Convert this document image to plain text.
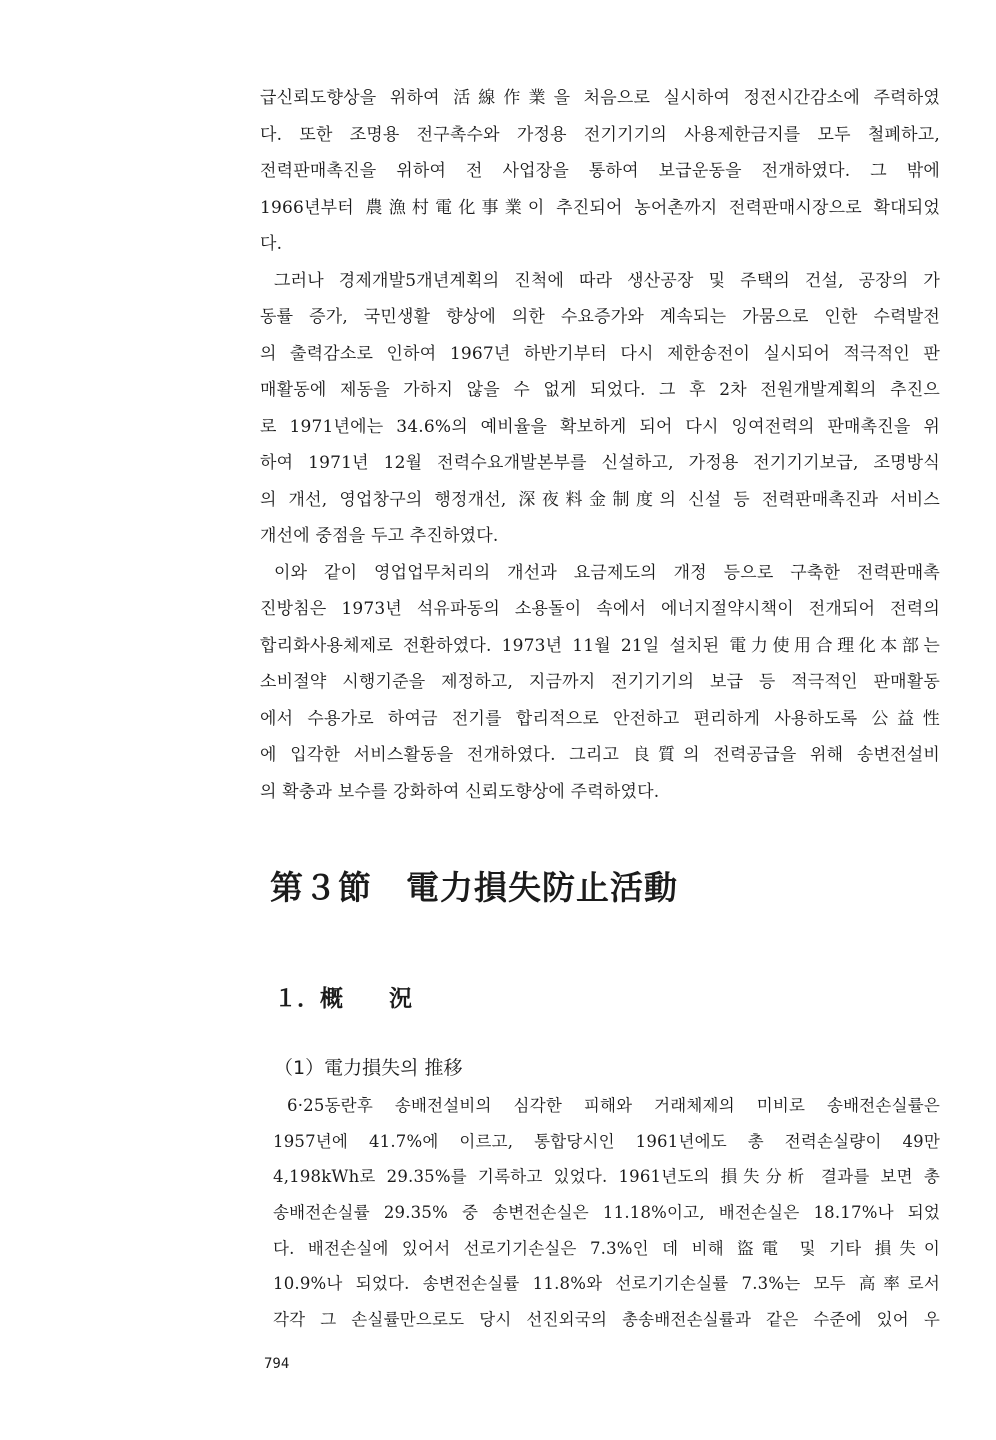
급신뢰도향상을 위하여 活線作業을 처음으로 실시하여 정전시간감소에 주력하였
다. 또한 조명용 전구촉수와 가정용 전기기기의 사용제한금지를 모두 철폐하고,
전력판매촉진을 위하여 전 사업장을 통하여 보급운동을 전개하였다. 그 밖에
1966년부터 農漁村電化事業이 추진되어 농어촌까지 전력판매시장으로 확대되었
다.
그러나 경제개발5개년계획의 진척에 따라 생산공장 및 주택의 건설, 공장의 가
동률 증가, 국민생활 향상에 의한 수요증가와 계속되는 가뭄으로 인한 수력발전
의 출력감소로 인하여 1967년 하반기부터 다시 제한송전이 실시되어 적극적인 판
매활동에 제동을 가하지 않을 수 없게 되었다. 그 후 2차 전원개발계획의 추진으
로 1971년에는 34.6%의 예비율을 확보하게 되어 다시 잉여전력의 판매촉진을 위
하여 1971년 12월 전력수요개발본부를 신설하고, 가정용 전기기기보급, 조명방식
의 개선, 영업창구의 행정개선, 深夜料金制度의 신설 등 전력판매촉진과 서비스
개선에 중점을 두고 추진하였다.
이와 같이 영업업무처리의 개선과 요금제도의 개정 등으로 구축한 전력판매촉
진방침은 1973년 석유파동의 소용돌이 속에서 에너지절약시책이 전개되어 전력의
합리화사용체제로 전환하였다. 1973년 11월 21일 설치된 電力使用合理化本部는
소비절약 시행기준을 제정하고, 지금까지 전기기기의 보급 등 적극적인 판매활동
에서 수용가로 하여금 전기를 합리적으로 안전하고 편리하게 사용하도록 公益性
에 입각한 서비스활동을 전개하였다. 그리고 良質의 전력공급을 위해 송변전설비
의 확충과 보수를 강화하여 신뢰도향상에 주력하였다.
第３節　電力損失防止活動
１．概　　況
（1）電力損失의 推移
6·25동란후 송배전설비의 심각한 피해와 거래체제의 미비로 송배전손실률은
1957년에 41.7%에 이르고, 통합당시인 1961년에도 총 전력손실량이 49만
4,198kWh로 29.35%를 기록하고 있었다. 1961년도의 損失分析 결과를 보면 총
송배전손실률 29.35% 중 송변전손실은 11.18%이고, 배전손실은 18.17%나 되었
다. 배전손실에 있어서 선로기기손실은 7.3%인 데 비해 盜電 및 기타 損失이
10.9%나 되었다. 송변전손실률 11.8%와 선로기기손실률 7.3%는 모두 高率로서
각각 그 손실률만으로도 당시 선진외국의 총송배전손실률과 같은 수준에 있어 우
794
